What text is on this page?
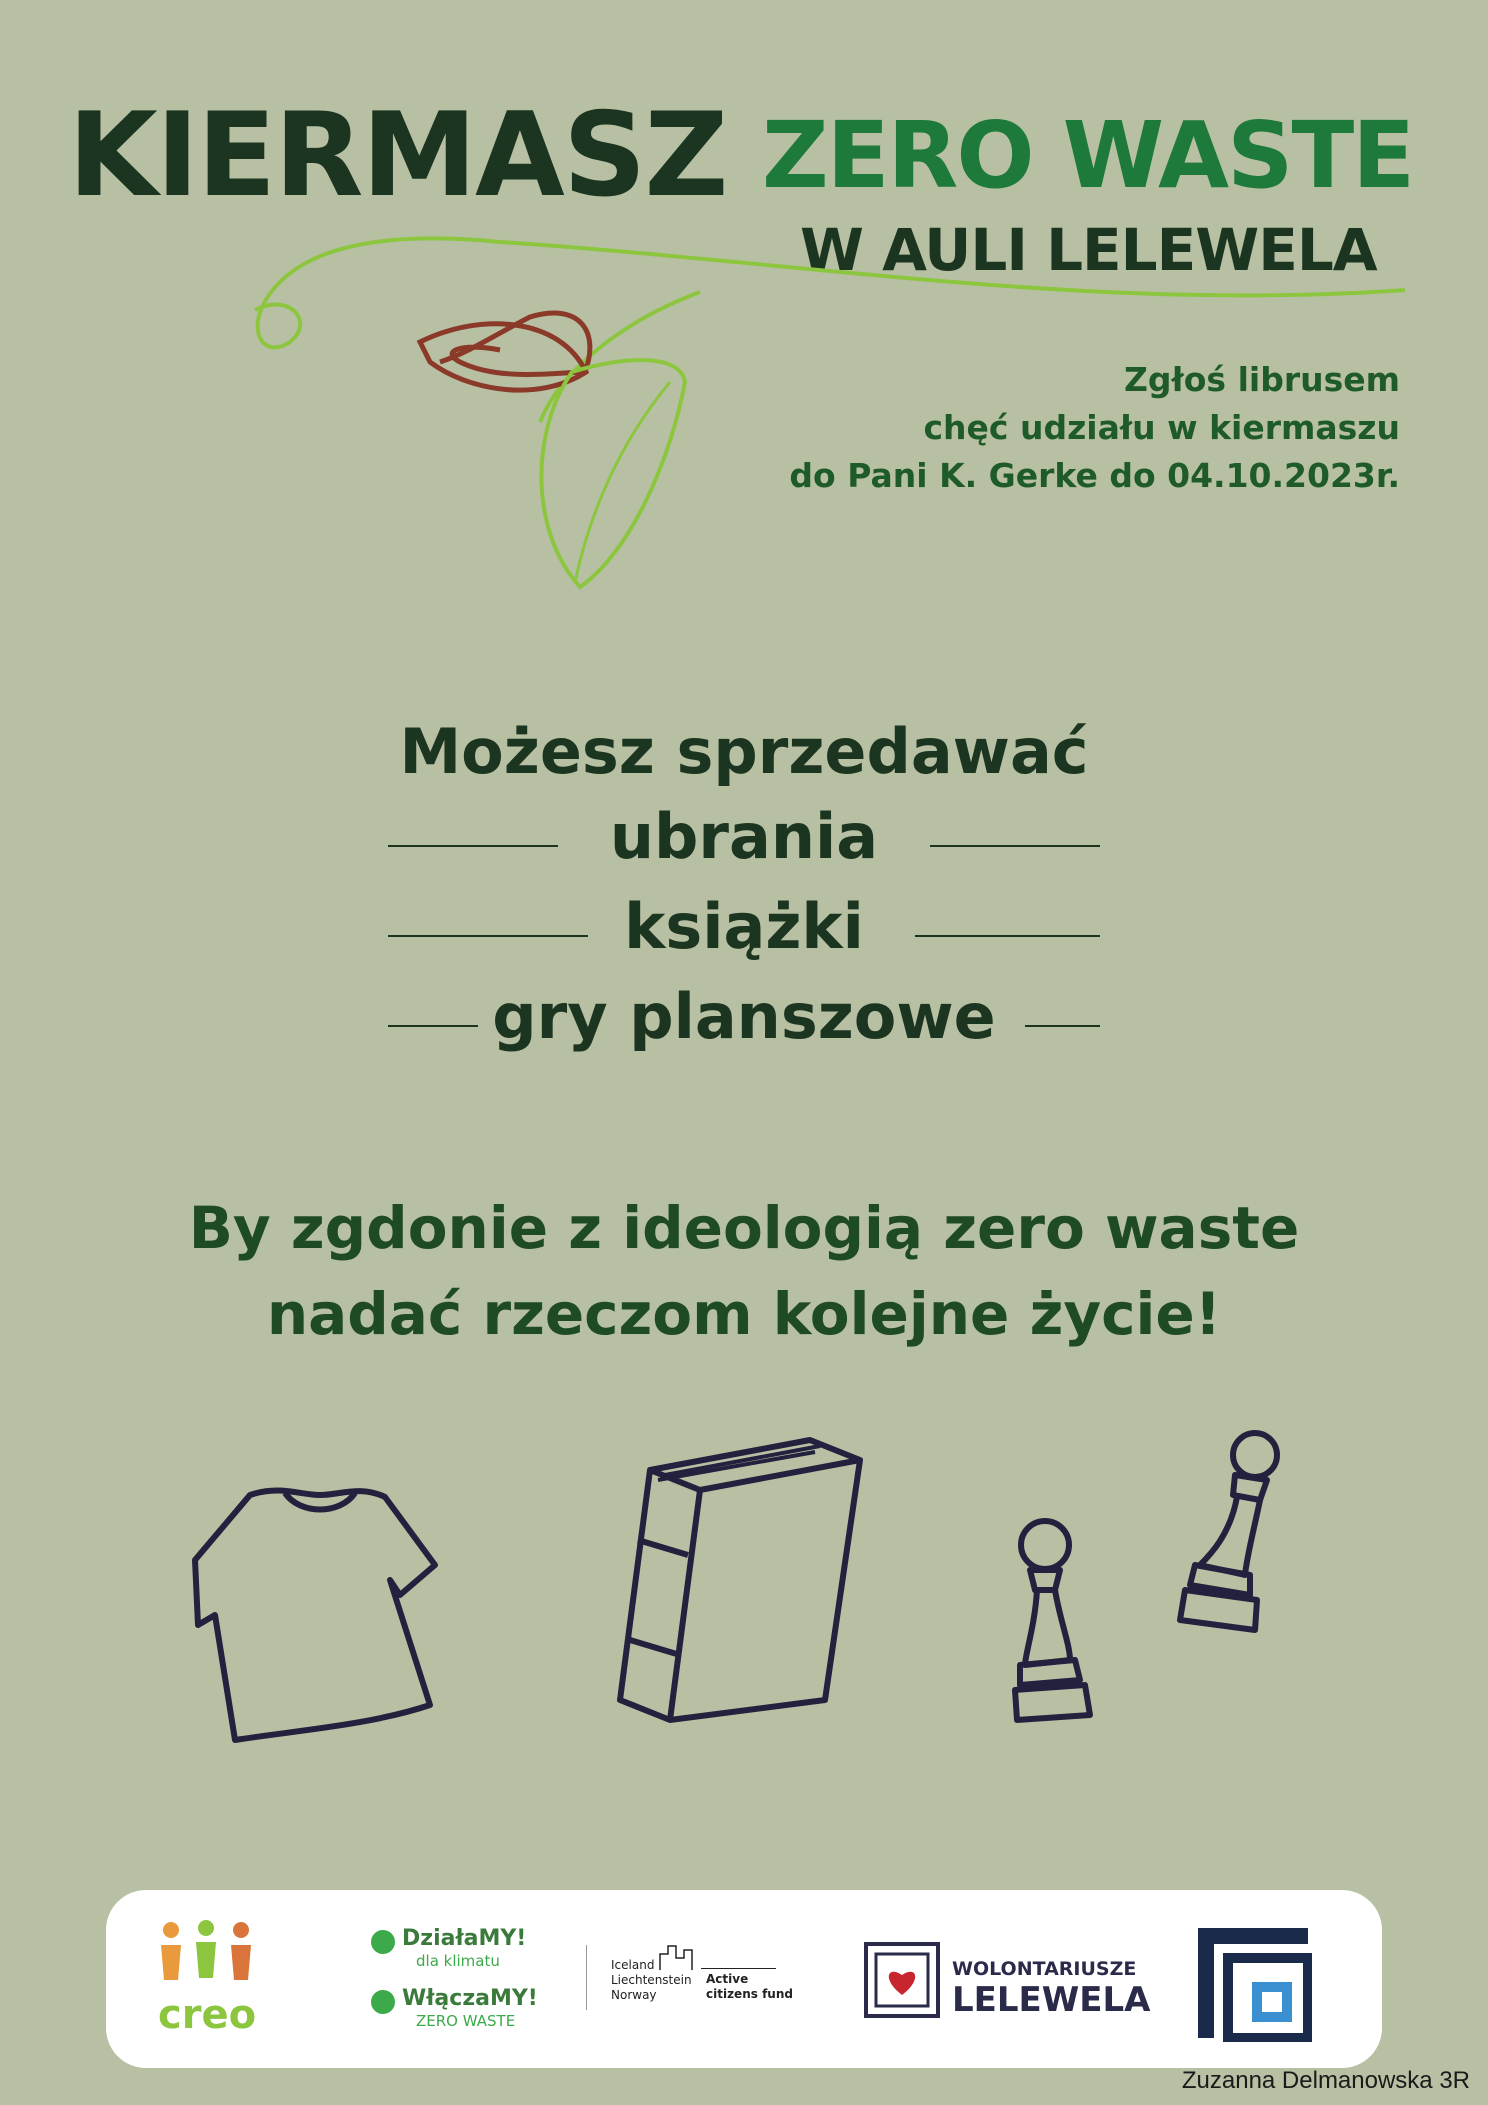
KIERMASZ ZERO WASTE
W AULI LELEWELA
Zgłoś librusem
chęć udziału w kiermaszu
do Pani K. Gerke do 04.10.2023r.
Możesz sprzedawać
ubrania
książki
gry planszowe
By zgdonie z ideologią zero waste
nadać rzeczom kolejne życie!
creo
DziałaMY!
dla klimatu
WłączaMY!
ZERO WASTE
Iceland
Liechtenstein
Norway
Active
citizens fund
WOLONTARIUSZE
LELEWELA
Zuzanna Delmanowska 3R
